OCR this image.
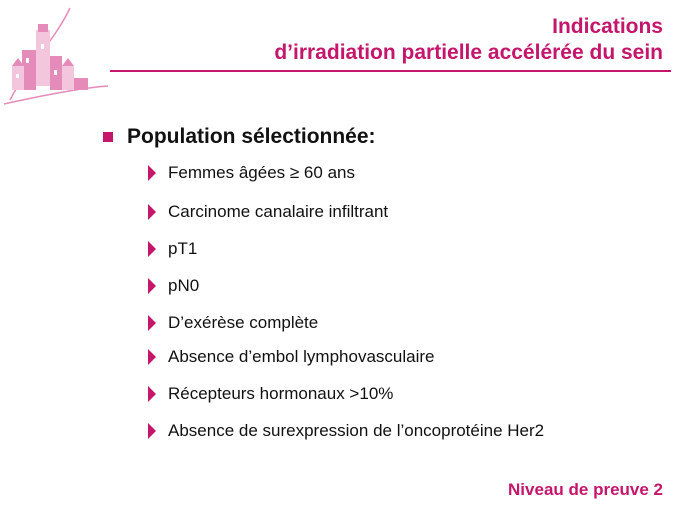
Indications
d’irradiation partielle accélérée du sein
Population sélectionnée:
Femmes âgées ≥ 60 ans
Carcinome canalaire infiltrant
pT1
pN0
D’exérèse complète
Absence d’embol lymphovasculaire
Récepteurs hormonaux >10%
Absence de surexpression de l’oncoprotéine Her2
Niveau de preuve 2
